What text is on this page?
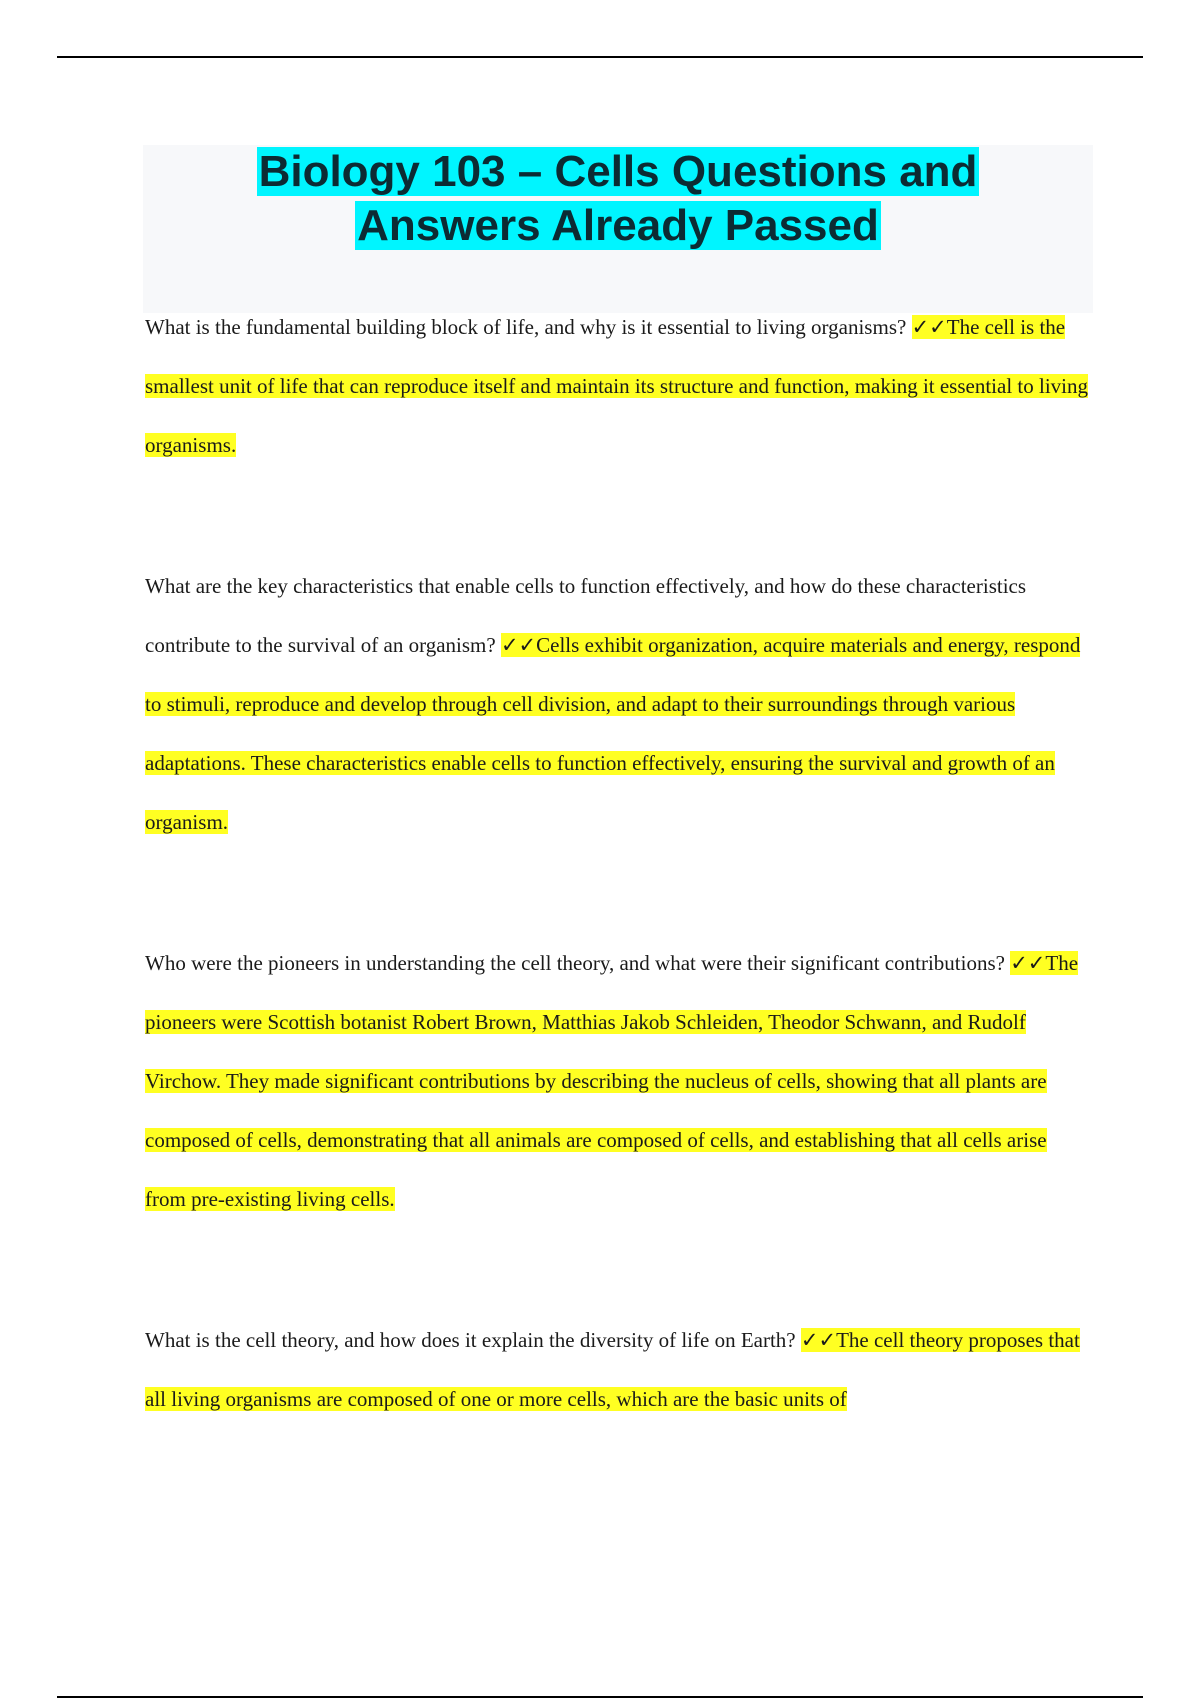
Biology 103 – Cells Questions and
Answers Already Passed

What is the fundamental building block of life, and why is it essential to living organisms? ✓✓The cell is the smallest unit of life that can reproduce itself and maintain its structure and function, making it essential to living organisms.

What are the key characteristics that enable cells to function effectively, and how do these characteristics contribute to the survival of an organism? ✓✓Cells exhibit organization, acquire materials and energy, respond to stimuli, reproduce and develop through cell division, and adapt to their surroundings through various adaptations. These characteristics enable cells to function effectively, ensuring the survival and growth of an organism.

Who were the pioneers in understanding the cell theory, and what were their significant contributions? ✓✓The pioneers were Scottish botanist Robert Brown, Matthias Jakob Schleiden, Theodor Schwann, and Rudolf Virchow. They made significant contributions by describing the nucleus of cells, showing that all plants are composed of cells, demonstrating that all animals are composed of cells, and establishing that all cells arise from pre-existing living cells.

What is the cell theory, and how does it explain the diversity of life on Earth? ✓✓The cell theory proposes that all living organisms are composed of one or more cells, which are the basic units of
